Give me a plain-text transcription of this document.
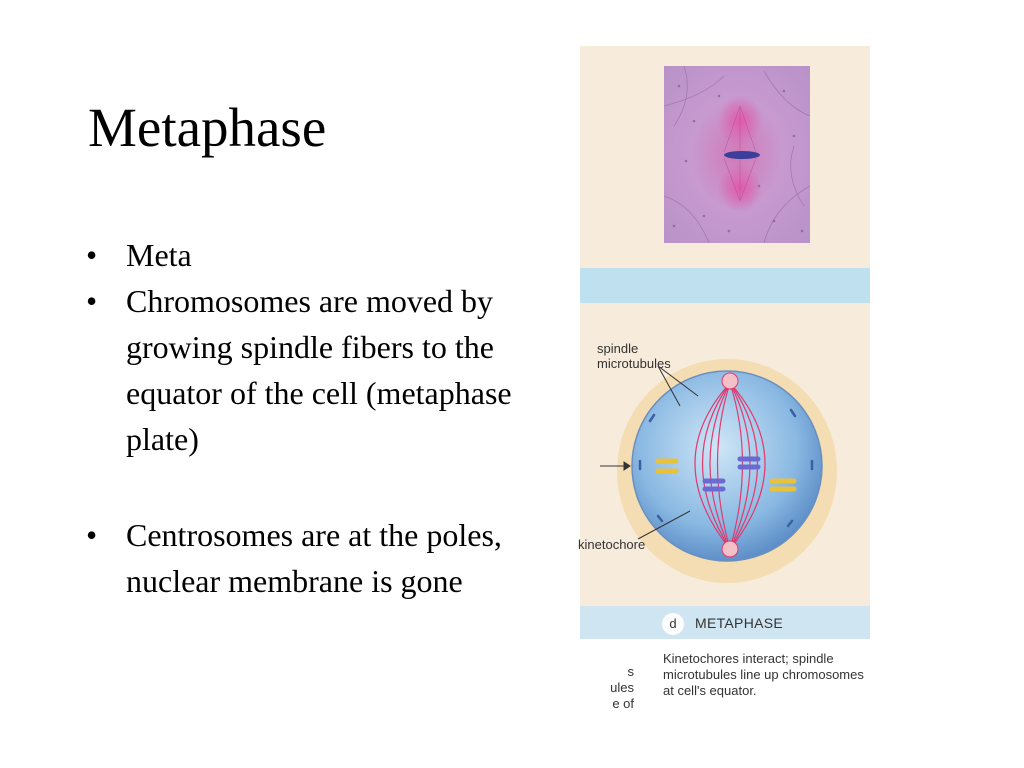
Metaphase
• Meta
• Chromosomes are moved by growing spindle fibers to the equator of the cell (metaphase plate)
• Centrosomes are at the poles, nuclear membrane is gone
spindle microtubules
kinetochore
d	METAPHASE
s
ules
e of
Kinetochores interact; spindle microtubules line up chromosomes at cell's equator.
